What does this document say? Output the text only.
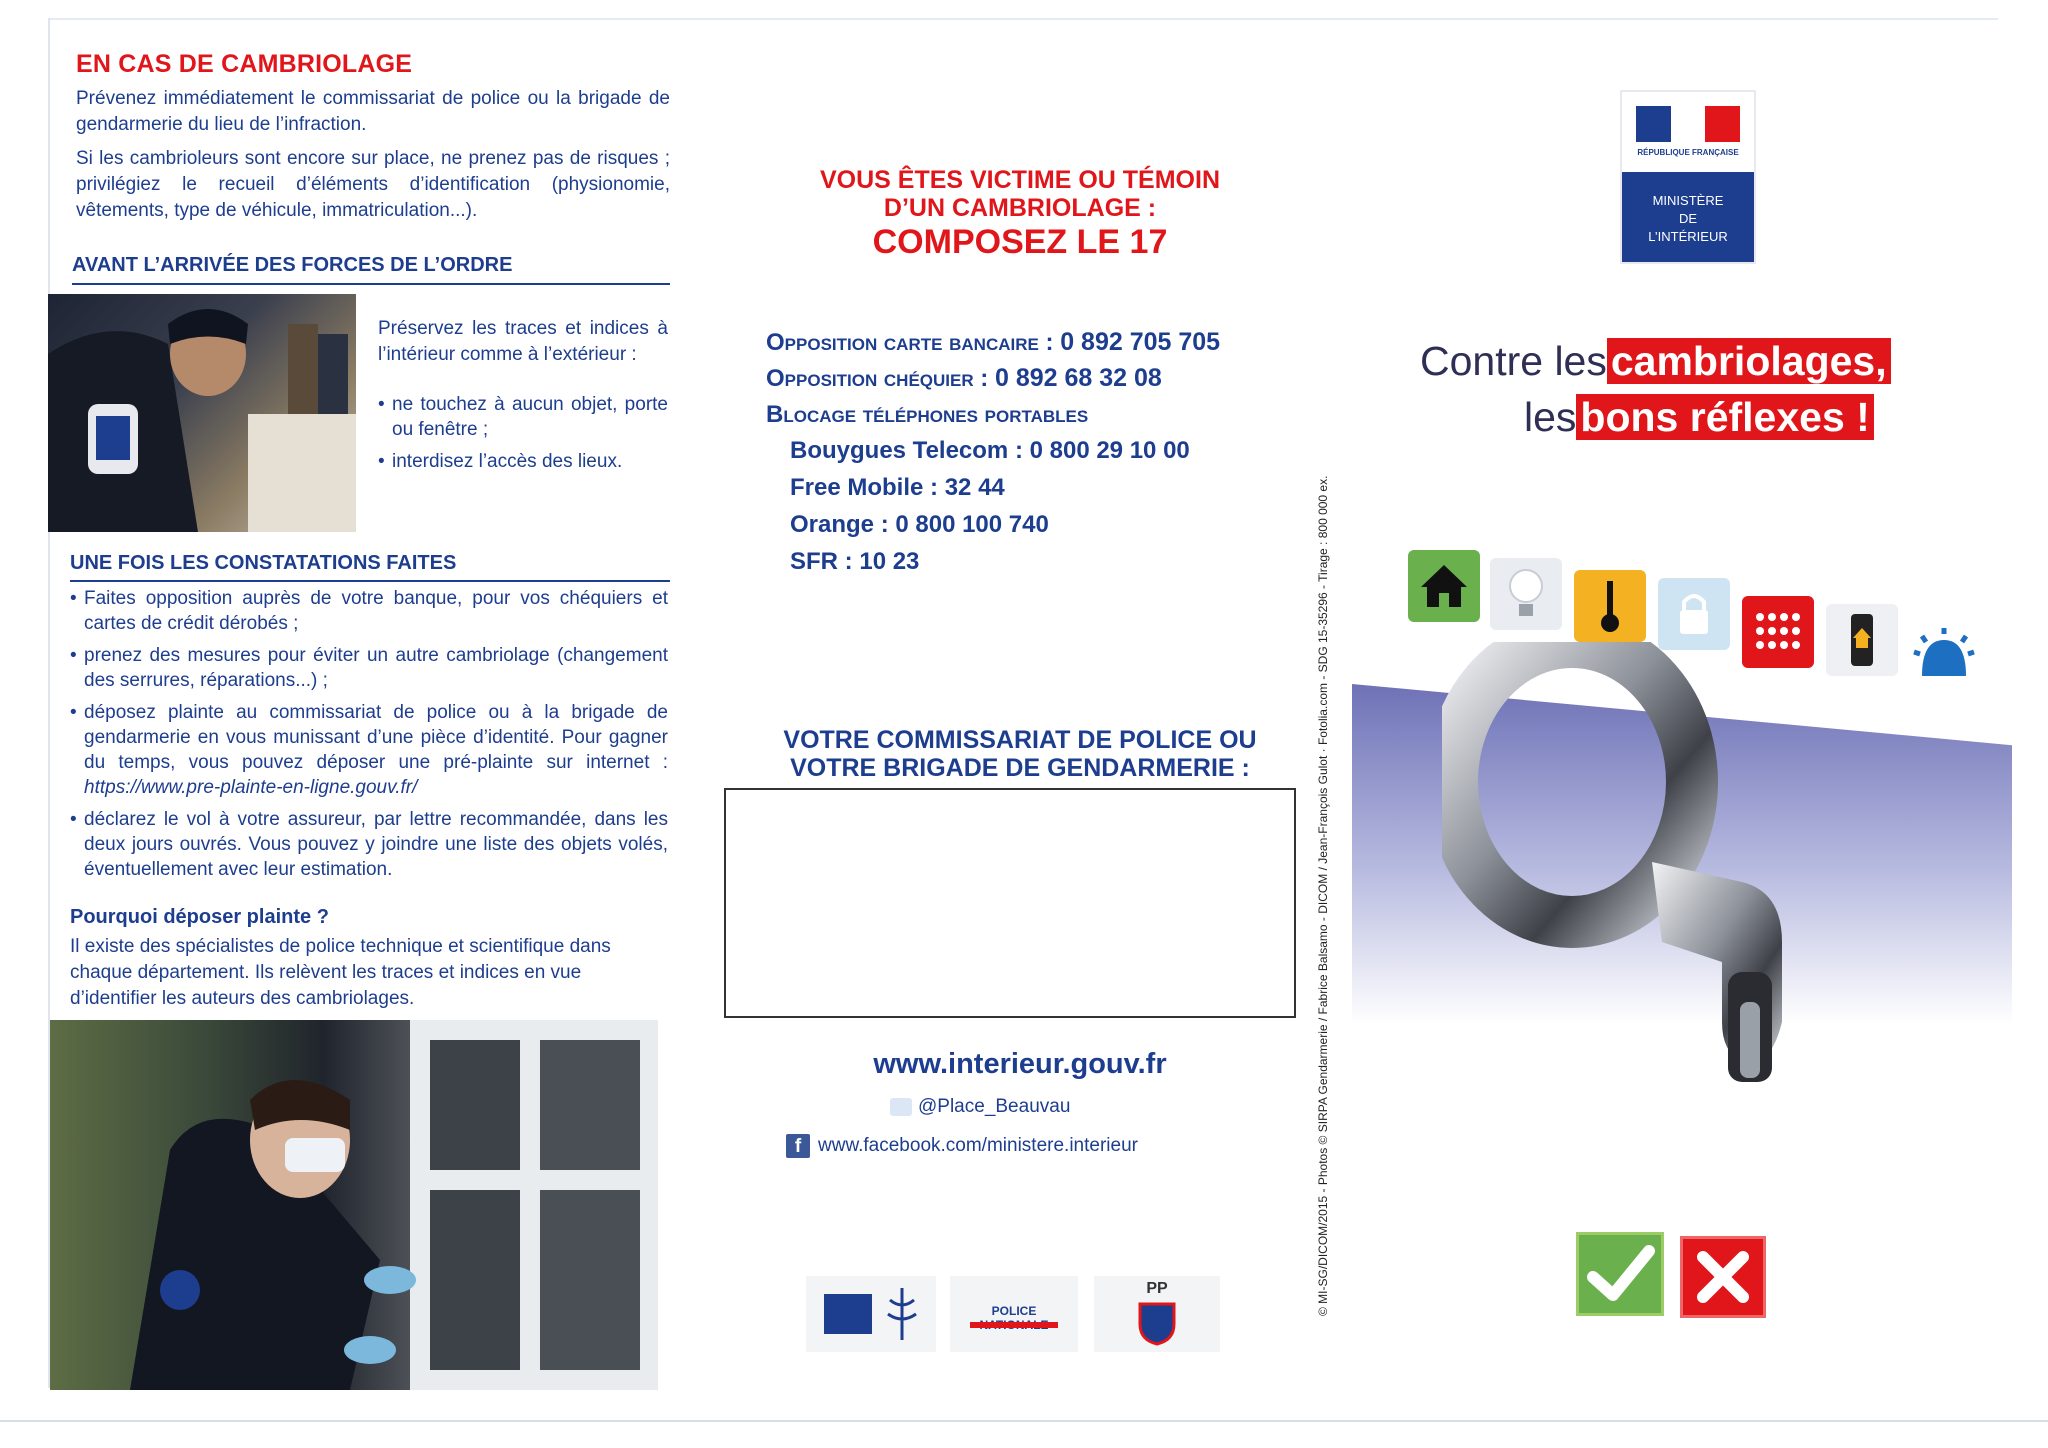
EN CAS DE CAMBRIOLAGE
Prévenez immédiatement le commissariat de police ou la brigade de gendarmerie du lieu de l’infraction.
Si les cambrioleurs sont encore sur place, ne prenez pas de risques ; privilégiez le recueil d’éléments d’identification (physionomie, vêtements, type de véhicule, immatriculation...).
AVANT L’ARRIVÉE DES FORCES DE L’ORDRE
Préservez les traces et indices à l’intérieur comme à l’extérieur :
• ne touchez à aucun objet, porte ou fenêtre ;
• interdisez l’accès des lieux.
UNE FOIS LES CONSTATATIONS FAITES
• Faites opposition auprès de votre banque, pour vos chéquiers et cartes de crédit dérobés ;
• prenez des mesures pour éviter un autre cambriolage (changement des serrures, réparations...) ;
• déposez plainte au commissariat de police ou à la brigade de gendarmerie en vous munissant d’une pièce d’identité. Pour gagner du temps, vous pouvez déposer une pré-plainte sur internet : https://www.pre-plainte-en-ligne.gouv.fr/
• déclarez le vol à votre assureur, par lettre recommandée, dans les deux jours ouvrés. Vous pouvez y joindre une liste des objets volés, éventuellement avec leur estimation.
Pourquoi déposer plainte ?
Il existe des spécialistes de police technique et scientifique dans chaque département. Ils relèvent les traces et indices en vue d’identifier les auteurs des cambriolages.
VOUS ÊTES VICTIME OU TÉMOIN
D’UN CAMBRIOLAGE :
COMPOSEZ LE 17
Opposition carte bancaire : 0 892 705 705
Opposition chéquier : 0 892 68 32 08
Blocage téléphones portables
Bouygues Telecom : 0 800 29 10 00
Free Mobile : 32 44
Orange : 0 800 100 740
SFR : 10 23
VOTRE COMMISSARIAT DE POLICE OU
VOTRE BRIGADE DE GENDARMERIE :
www.interieur.gouv.fr
@Place_Beauvau
f www.facebook.com/ministere.interieur
POLICE
PP
RÉPUBLIQUE FRANÇAISE
MINISTÈRE
DE
L’INTÉRIEUR
Contre lescambriolages,
lesbons réflexes !
© MI-SG/DICOM/2015 - Photos © SIRPA Gendarmerie / Fabrice Balsamo - DICOM / Jean-François Gulot · Fotolia.com - SDG 15-35296 - Tirage : 800 000 ex.
